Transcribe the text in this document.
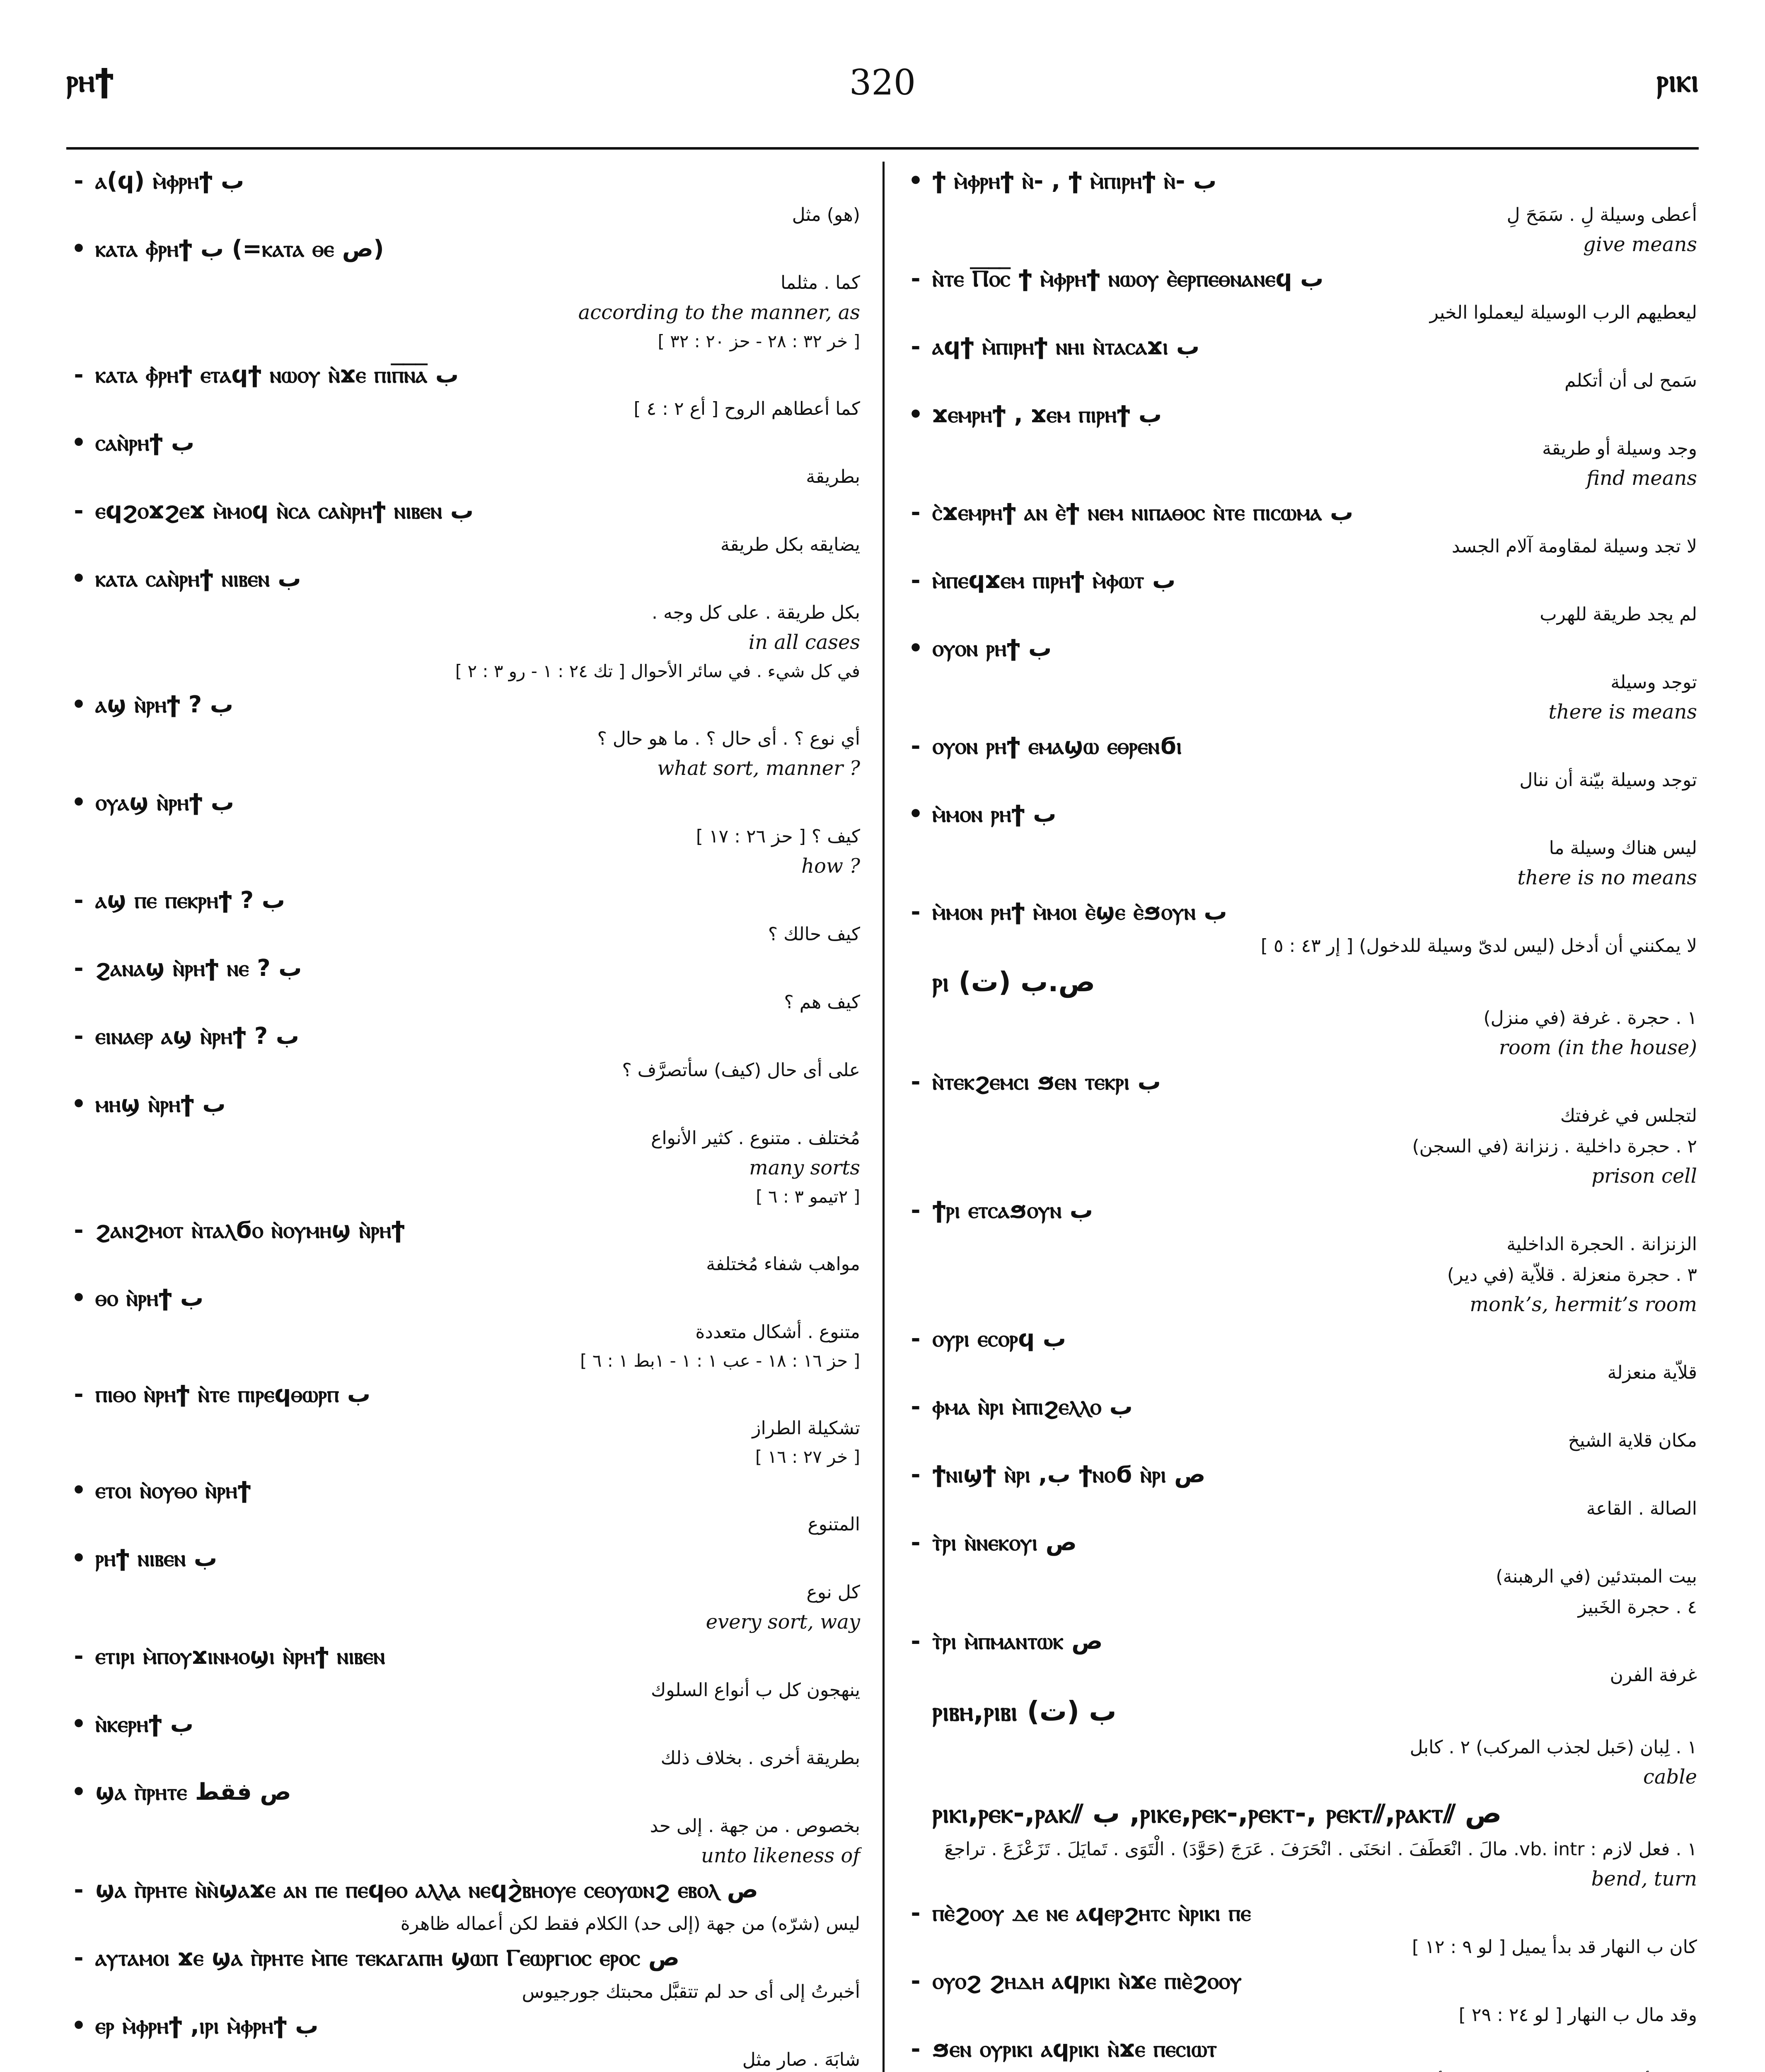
ⲣⲏϯ	320	ⲣⲓⲕⲓ
- ⲁ(ϥ) ⲙ̀ⲫⲣⲏϯ ب
(هو) مثل
• ⲕⲁⲧⲁ ⲫ̀ⲣⲏϯ ب (=ⲕⲁⲧⲁ ⲑⲉ ص)
كما . مثلما
according to the manner, as
[ خر ٣٢ : ٢٨ - حز ٢٠ : ٣٢ ]
- ⲕⲁⲧⲁ ⲫ̀ⲣⲏϯ ⲉⲧⲁϥϯ ⲛⲱⲟⲩ ⲛ̀ϫⲉ ⲡⲓⲡ̅ⲛ̅ⲁ̅ ب
كما أعطاهم الروح [ أع ٢ : ٤ ]
• ⲥⲁⲛ̀ⲣⲏϯ ب
بطريقة
- ⲉϥϩⲟϫϩⲉϫ ⲙ̀ⲙⲟϥ ⲛ̀ⲥⲁ ⲥⲁⲛ̀ⲣⲏϯ ⲛⲓⲃⲉⲛ ب
يضايقه بكل طريقة
• ⲕⲁⲧⲁ ⲥⲁⲛ̀ⲣⲏϯ ⲛⲓⲃⲉⲛ ب
بكل طريقة . على كل وجه .
in all cases
في كل شيء . في سائر الأحوال [ تك ٢٤ : ١ - رو ٣ : ٢ ]
• ⲁϣ ⲛ̀ⲣⲏϯ ? ب
أي نوع ؟ . أى حال ؟ . ما هو حال ؟
what sort, manner ?
• ⲟⲩⲁϣ ⲛ̀ⲣⲏϯ ب
كيف ؟ [ حز ٢٦ : ١٧ ]
how ?
- ⲁϣ ⲡⲉ ⲡⲉⲕⲣⲏϯ ? ب
كيف حالك ؟
- ϩⲁⲛⲁϣ ⲛ̀ⲣⲏϯ ⲛⲉ ? ب
كيف هم ؟
- ⲉⲓⲛⲁⲉⲣ ⲁϣ ⲛ̀ⲣⲏϯ ? ب
على أى حال (كيف) سأتصرَّف ؟
• ⲙⲏϣ ⲛ̀ⲣⲏϯ ب
مُختلف . متنوع . كثير الأنواع
many sorts
[ ٢تيمو ٣ : ٦ ]
- ϩⲁⲛϩⲙⲟⲧ ⲛ̀ⲧⲁⲗϭⲟ ⲛ̀ⲟⲩⲙⲏϣ ⲛ̀ⲣⲏϯ
مواهب شفاء مُختلفة
• ⲑⲟ ⲛ̀ⲣⲏϯ ب
متنوع . أشكال متعددة
[ حز ١٦ : ١٨ - عب ١ : ١ - ١بط ١ : ٦ ]
- ⲡⲓⲑⲟ ⲛ̀ⲣⲏϯ ⲛ̀ⲧⲉ ⲡⲓⲣⲉϥⲑⲱⲣⲡ ب
تشكيلة الطراز
[ خر ٢٧ : ١٦ ]
• ⲉⲧⲟⲓ ⲛ̀ⲟⲩⲑⲟ ⲛ̀ⲣⲏϯ
المتنوع
• ⲣⲏϯ ⲛⲓⲃⲉⲛ ب
كل نوع
every sort, way
- ⲉⲧⲓⲣⲓ ⲙ̀ⲡⲟⲩϫⲓⲛⲙⲟϣⲓ ⲛ̀ⲣⲏϯ ⲛⲓⲃⲉⲛ
ينهجون كل ب أنواع السلوك
• ⲛ̀ⲕⲉⲣⲏϯ ب
بطريقة أخرى . بخلاف ذلك
• ϣⲁ ⲡ̀ⲣⲏⲧⲉ ص فقط
بخصوص . من جهة . إلى حد
unto likeness of
- ϣⲁ ⲡ̀ⲣⲏⲧⲉ ⲛ̀ⲛ̀ϣⲁϫⲉ ⲁⲛ ⲡⲉ ⲡⲉϥⲑⲟ ⲁⲗⲗⲁ ⲛⲉϥϩ̀ⲃⲏⲟⲩⲉ ⲥⲉⲟⲩⲱⲛϩ ⲉⲃⲟⲗ ص
ليس (شرّه) من جهة (إلى حد) الكلام فقط لكن أعماله ظاهرة
- ⲁⲩⲧⲁⲙⲟⲓ ϫⲉ ϣⲁ ⲡ̀ⲣⲏⲧⲉ ⲙ̀ⲡⲉ ⲧⲉⲕⲁⲅⲁⲡⲏ ϣⲱⲡ Ⲅⲉⲱⲣⲅⲓⲟⲥ ⲉⲣⲟⲥ ص
أخبرتُ إلى أى حد لم تتقبَّل محبتك جورجيوس
• ⲉⲣ ⲙ̀ⲫⲣⲏϯ ,ⲓⲣⲓ ⲙ̀ⲫⲣⲏϯ ب
شابَهَ . صار مثل
• ϯ ⲙ̀ⲫⲣⲏϯ ⲛ̀- , ϯ ⲙ̀ⲡⲓⲣⲏϯ ⲛ̀- ب
أعطى وسيلة لِ . سَمَحَ لِ
give means
- ⲛ̀ⲧⲉ Ⲡ̅ⲟ̅ⲥ̅ ϯ ⲙ̀ⲫⲣⲏϯ ⲛⲱⲟⲩ ⲉ̀ⲉⲣⲡⲉⲑⲛⲁⲛⲉϥ ب
ليعطيهم الرب الوسيلة ليعملوا الخير
- ⲁϥϯ ⲙ̀ⲡⲓⲣⲏϯ ⲛⲏⲓ ⲛ̀ⲧⲁⲥⲁϫⲓ ب
سَمح لى أن أتكلم
• ϫⲉⲙⲣⲏϯ , ϫⲉⲙ ⲡⲓⲣⲏϯ ب
وجد وسيلة أو طريقة
find means
- ⲥ̀ϫⲉⲙⲣⲏϯ ⲁⲛ ⲉ̀ϯ ⲛⲉⲙ ⲛⲓⲡⲁⲑⲟⲥ ⲛ̀ⲧⲉ ⲡⲓⲥⲱⲙⲁ ب
لا تجد وسيلة لمقاومة آلام الجسد
- ⲙ̀ⲡⲉϥϫⲉⲙ ⲡⲓⲣⲏϯ ⲙ̀ⲫⲱⲧ ب
لم يجد طريقة للهرب
• ⲟⲩⲟⲛ ⲣⲏϯ ب
توجد وسيلة
there is means
- ⲟⲩⲟⲛ ⲣⲏϯ ⲉⲙⲁϣⲱ ⲉⲑⲣⲉⲛϭⲓ
توجد وسيلة بيّنة أن ننال
• ⲙ̀ⲙⲟⲛ ⲣⲏϯ ب
ليس هناك وسيلة ما
there is no means
- ⲙ̀ⲙⲟⲛ ⲣⲏϯ ⲙ̀ⲙⲟⲓ ⲉ̀ϣⲉ ⲉ̀ϧⲟⲩⲛ ب
لا يمكنني أن أدخل (ليس لدىّ وسيلة للدخول) [ إر ٤٣ : ٥ ]
ⲣⲓ ص.ب (ت)
١ . حجرة . غرفة (في منزل)
room (in the house)
- ⲛ̀ⲧⲉⲕϩⲉⲙⲥⲓ ϧⲉⲛ ⲧⲉⲕⲣⲓ ب
لتجلس في غرفتك
٢ . حجرة داخلية . زنزانة (في السجن)
prison cell
- ϯⲣⲓ ⲉⲧⲥⲁϧⲟⲩⲛ ب
الزنزانة . الحجرة الداخلية
٣ . حجرة منعزلة . قلاّية (في دير)
monk’s, hermit’s room
- ⲟⲩⲣⲓ ⲉⲥⲟⲣϥ ب
قلاّية منعزلة
- ⲫⲙⲁ ⲛ̀ⲣⲓ ⲙ̀ⲡⲓϩⲉⲗⲗⲟ ب
مكان قلاية الشيخ
- ϯⲛⲓϣϯ ⲛ̀ⲣⲓ ,ب ϯⲛⲟϭ ⲛ̀ⲣⲓ ص
الصالة . القاعة
- ⲧ̀ⲣⲓ ⲛ̀ⲛⲉⲕⲟⲩⲓ ص
بيت المبتدئين (في الرهبنة)
٤ . حجرة الخَبيز
- ⲧ̀ⲣⲓ ⲙ̀ⲡⲙⲁⲛⲧⲱⲕ ص
غرفة الفرن
ⲣⲓⲃⲏ,ⲣⲓⲃⲓ ب (ت)
١ . لِبان (حَبل لجذب المركب) ٢ . كابل
cable
ⲣⲓⲕⲓ,ⲣⲉⲕ-,ⲣⲁⲕ⫽ ب ,ⲣⲓⲕⲉ,ⲣⲉⲕ-,ⲣⲉⲕⲧ-, ⲣⲉⲕⲧ⫽,ⲣⲁⲕⲧ⫽ ص
١ . فعل لازم : vb. intr. مالَ . انْعَطَفَ . انحَنَى . انْحَرَفَ . عَرَجَ (حَوَّدَ) . الْتَوَى . تَمايَلَ . تَزَعْزَعَ . تراجعَ
bend, turn
- ⲡⲉ̀ϩⲟⲟⲩ ⲇⲉ ⲛⲉ ⲁϥⲉⲣϩⲏⲧⲥ ⲛ̀ⲣⲓⲕⲓ ⲡⲉ
كان ب النهار قد بدأ يميل [ لو ٩ : ١٢ ]
- ⲟⲩⲟϩ ϩⲏⲇⲏ ⲁϥⲣⲓⲕⲓ ⲛ̀ϫⲉ ⲡⲓⲉ̀ϩⲟⲟⲩ
وقد مال ب النهار [ لو ٢٤ : ٢٩ ]
- ϧⲉⲛ ⲟⲩⲣⲓⲕⲓ ⲁϥⲣⲓⲕⲓ ⲛ̀ϫⲉ ⲡⲉⲥⲓⲱⲧ
